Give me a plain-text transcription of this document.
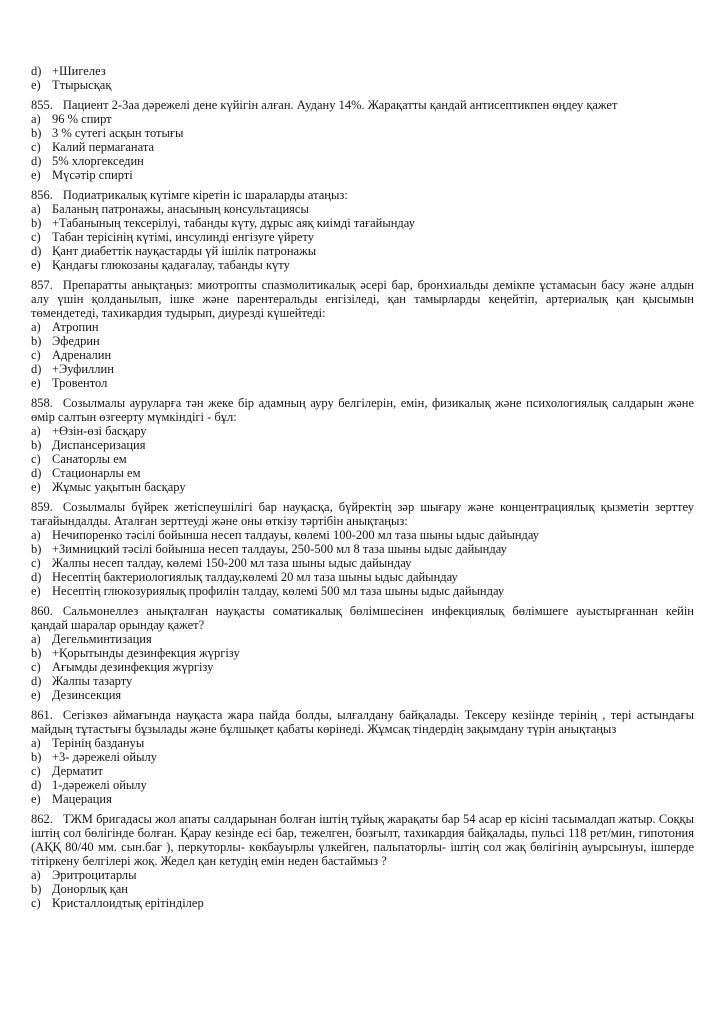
d) +Шигелез
e) Ттырысқақ

855. Пациент 2-3аа дәрежелі дене күйігін алған. Аудану 14%. Жарақатты қандай антисептикпен өңдеу қажет

a) 96 % спирт
b) 3 % сутегі асқын тотығы
c) Калий пермаганата
d) 5% хлоргекседин
e) Мүсәтір спирті

856. Подиатрикалық күтімге кіретін іс шараларды атаңыз:

a) Баланың патронажы, анасының консультациясы
b) +Табанының тексерілуі, табанды күту, дұрыс аяқ киімді тағайындау
c) Табан терісінің күтімі, инсулинді енгізуге үйрету
d) Қант диабеттік науқастарды үй ішілік патронажы
e) Қандағы глюкозаны қадағалау, табанды күту

857. Препаратты анықтаңыз: миотропты спазмолитикалық әсері бар, бронхиальды демікпе ұстамасын басу және алдын алу үшін қолданылып, ішке және парентеральды енгізіледі, қан тамырларды кеңейтіп, артериалық қан қысымын төмендетеді, тахикардия тудырып, диурезді күшейтеді:

a) Атропин
b) Эфедрин
c) Адреналин
d) +Эуфиллин
e) Тровентол

858. Созылмалы ауруларға тән жеке бір адамның ауру белгілерін, емін, физикалық және психологиялық салдарын және өмір салтын өзгеерту мүмкіндігі - бұл:

a) +Өзін-өзі басқару
b) Диспансеризация
c) Санаторлы ем
d) Стационарлы ем
e) Жұмыс уақытын басқару

859. Созылмалы бүйрек жетіспеушілігі бар науқасқа, бүйректің зәр шығару және концентрациялық қызметін зерттеу тағайындалды. Аталған зерттеуді және оны өткізу тәртібін анықтаңыз:

a) Нечипоренко тәсілі бойынша несеп талдауы, көлемі 100-200 мл таза шыны ыдыс дайындау
b) +Зимницкий тәсілі бойынша несеп талдауы, 250-500 мл 8 таза шыны ыдыс дайындау
c) Жалпы несеп талдау, көлемі 150-200 мл таза шыны ыдыс дайындау
d) Несептің бактериологиялық талдау,көлемі 20 мл таза шыны ыдыс дайындау
e) Несептің глюкозуриялық профилін талдау, көлемі 500 мл таза шыны ыдыс дайындау

860. Сальмонеллез анықталған науқасты соматикалық бөлімшесінен инфекциялық бөлімшеге ауыстырғаннан кейін қандай шаралар орындау қажет?

a) Дегельминтизация
b) +Қорытынды дезинфекция жүргізу
c) Ағымды дезинфекция жүргізу
d) Жалпы тазарту
e) Дезинсекция

861. Сегізкөз аймағында науқаста жара пайда болды, ылғалдану байқалады. Тексеру кезіінде терінің , тері астындағы майдың тұтастығы бұзылады және бұлшықет қабаты көрінеді. Жұмсақ тіндердің зақымдану түрін анықтаңыз

a) Терінің баздануы
b) +3- дәрежелі ойылу
c) Дерматит
d) 1-дәрежелі ойылу
e) Мацерация

862. ТЖМ бригадасы жол апаты салдарынан болған іштің тұйық жарақаты бар 54 асар ер кісіні тасымалдап жатыр. Соққы іштің сол бөлігінде болған. Қарау кезінде есі бар, тежелген, бозғылт, тахикардия байқалады, пульсі 118 рет/мин, гипотония (АҚҚ 80/40 мм. сын.бағ ), перкуторлы- көкбауырлы үлкейген, пальпаторлы- іштің сол жақ бөлігінің ауырсынуы, ішперде тітіркену белгілері жоқ. Жедел қан кетудің емін неден бастаймыз ?

a) Эритроцитарлы
b) Донорлық қан
c) Кристаллоидтық ерітінділер
